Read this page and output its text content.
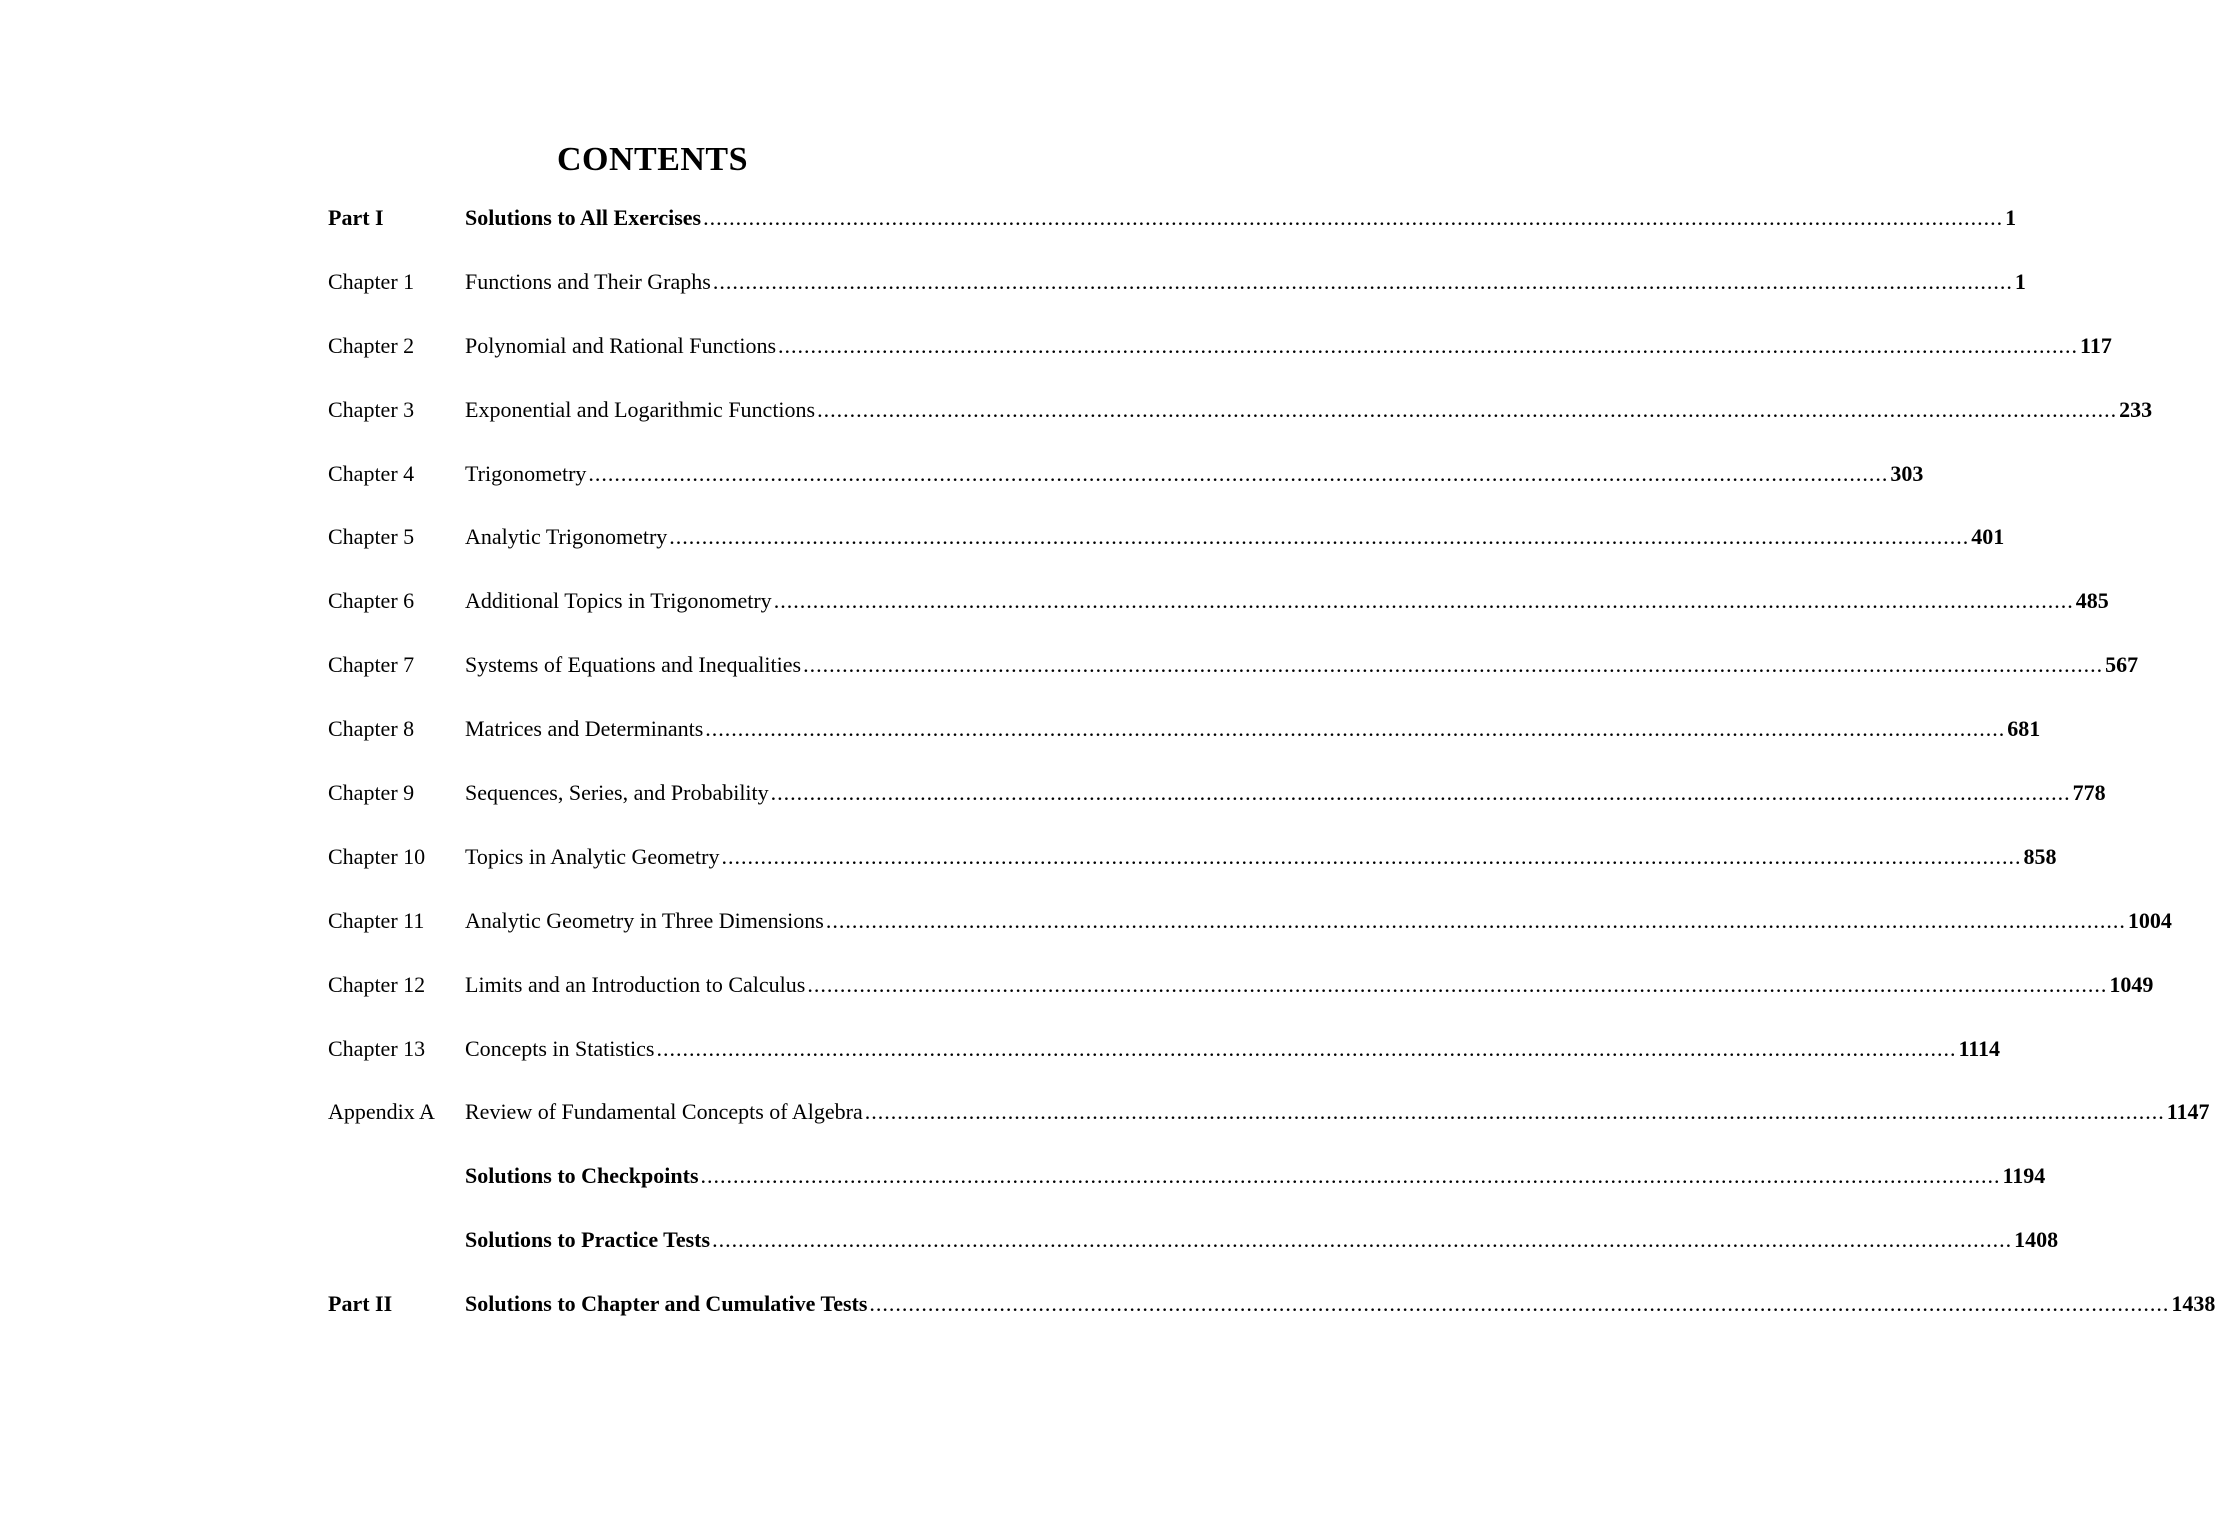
CONTENTS
Part I	Solutions to All Exercises ........................................................................................................................................................................................................ 1
Chapter 1	Functions and Their Graphs ........................................................................................................................................................................................................ 1
Chapter 2	Polynomial and Rational Functions ........................................................................................................................................................................................................ 117
Chapter 3	Exponential and Logarithmic Functions ........................................................................................................................................................................................................ 233
Chapter 4	Trigonometry ........................................................................................................................................................................................................ 303
Chapter 5	Analytic Trigonometry ........................................................................................................................................................................................................ 401
Chapter 6	Additional Topics in Trigonometry ........................................................................................................................................................................................................ 485
Chapter 7	Systems of Equations and Inequalities ........................................................................................................................................................................................................ 567
Chapter 8	Matrices and Determinants ........................................................................................................................................................................................................ 681
Chapter 9	Sequences, Series, and Probability ........................................................................................................................................................................................................ 778
Chapter 10	Topics in Analytic Geometry ........................................................................................................................................................................................................ 858
Chapter 11	Analytic Geometry in Three Dimensions ........................................................................................................................................................................................................ 1004
Chapter 12	Limits and an Introduction to Calculus ........................................................................................................................................................................................................ 1049
Chapter 13	Concepts in Statistics ........................................................................................................................................................................................................ 1114
Appendix A	Review of Fundamental Concepts of Algebra ........................................................................................................................................................................................................ 1147
Solutions to Checkpoints ........................................................................................................................................................................................................ 1194
Solutions to Practice Tests ........................................................................................................................................................................................................ 1408
Part II	Solutions to Chapter and Cumulative Tests ........................................................................................................................................................................................................ 1438
